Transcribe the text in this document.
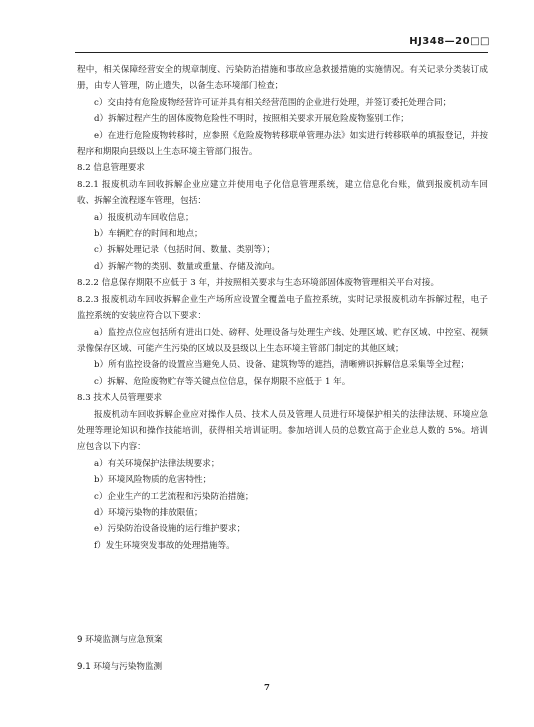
HJ348—20□□

程中，相关保障经营安全的规章制度、污染防治措施和事故应急救援措施的实施情况。有关记录分类装订成册，由专人管理，防止遗失，以备生态环境部门检查；

c）交由持有危险废物经营许可证并具有相关经营范围的企业进行处理，并签订委托处理合同；

d）拆解过程产生的固体废物危险性不明时，按照相关要求开展危险废物鉴别工作；

e）在进行危险废物转移时，应参照《危险废物转移联单管理办法》如实进行转移联单的填报登记，并按程序和期限向县级以上生态环境主管部门报告。

8.2 信息管理要求

8.2.1 报废机动车回收拆解企业应建立并使用电子化信息管理系统，建立信息化台账，做到报废机动车回收、拆解全流程逐车管理，包括：

a）报废机动车回收信息；

b）车辆贮存的时间和地点；

c）拆解处理记录（包括时间、数量、类别等）；

d）拆解产物的类别、数量或重量、存储及流向。

8.2.2 信息保存期限不应低于 3 年，并按照相关要求与生态环境部固体废物管理相关平台对接。

8.2.3 报废机动车回收拆解企业生产场所应设置全覆盖电子监控系统，实时记录报废机动车拆解过程，电子监控系统的安装应符合以下要求：

a）监控点位应包括所有进出口处、磅秤、处理设备与处理生产线、处理区域、贮存区域、中控室、视频录像保存区域、可能产生污染的区域以及县级以上生态环境主管部门制定的其他区域；

b）所有监控设备的设置应当避免人员、设备、建筑物等的遮挡，清晰辨识拆解信息采集等全过程；

c）拆解、危险废物贮存等关键点位信息，保存期限不应低于 1 年。

8.3 技术人员管理要求

报废机动车回收拆解企业应对操作人员、技术人员及管理人员进行环境保护相关的法律法规、环境应急处理等理论知识和操作技能培训，获得相关培训证明。参加培训人员的总数宜高于企业总人数的 5%。培训应包含以下内容：

a）有关环境保护法律法规要求；

b）环境风险物质的危害特性；

c）企业生产的工艺流程和污染防治措施；

d）环境污染物的排放限值；

e）污染防治设备设施的运行维护要求；

f）发生环境突发事故的处理措施等。

9 环境监测与应急预案
9.1 环境与污染物监测
7
